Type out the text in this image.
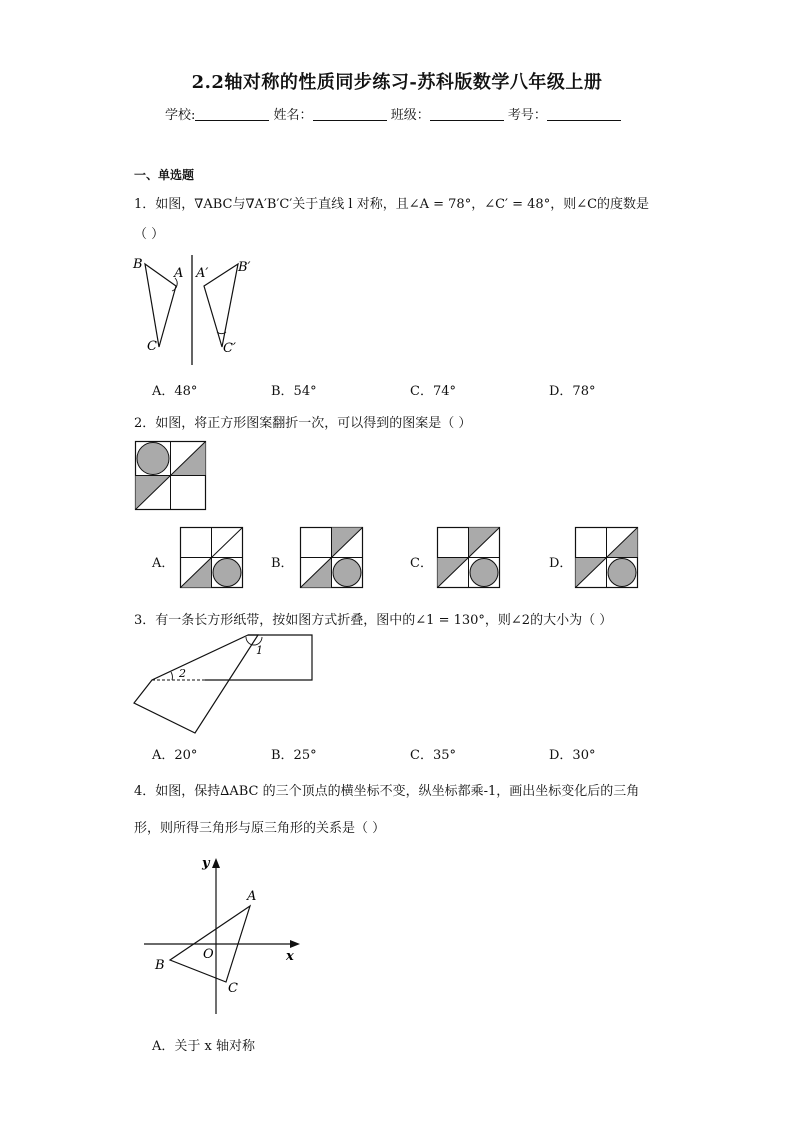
2.2轴对称的性质同步练习-苏科版数学八年级上册
学校:	姓名：	班级：	考号：
一、单选题
1．如图，∇ABC与∇A′B′C′关于直线 l 对称，且∠A = 78°，∠C′ = 48°，则∠C的度数是
（ ）
B
A
C
A′ B′
C′
A．48°	B．54°	C．74°	D．78°
2．如图，将正方形图案翻折一次，可以得到的图案是（ ）
A．	B．	C．	D．
3．有一条长方形纸带，按如图方式折叠，图中的∠1 = 130°，则∠2的大小为（ ）
1
2
A．20°	B．25°	C．35°	D．30°
4．如图，保持∆ABC 的三个顶点的横坐标不变，纵坐标都乘-1，画出坐标变化后的三角
形，则所得三角形与原三角形的关系是（ ）
y
x
O
A
B
C
A．关于 x 轴对称
